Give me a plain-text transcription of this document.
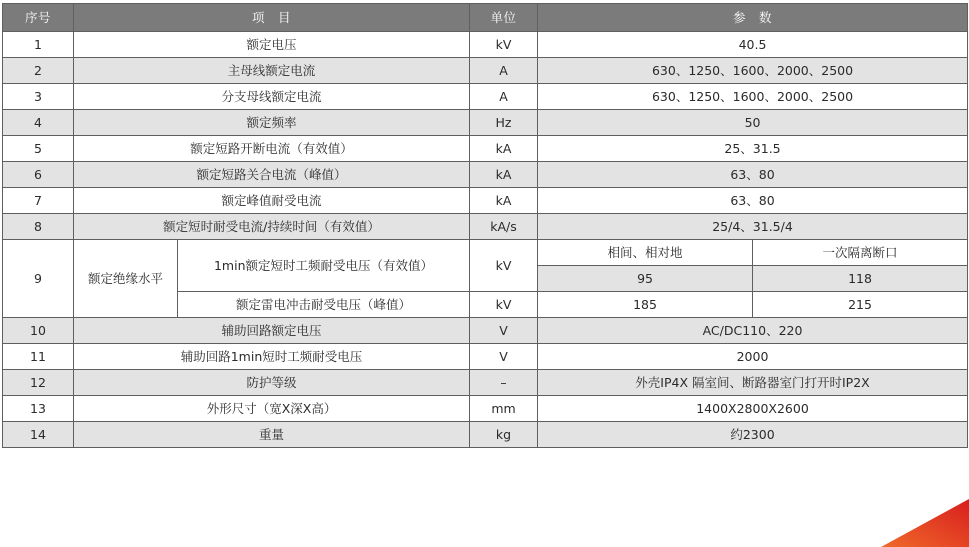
序号	项　目		单位	参　数	
1	额定电压		kV	40.5	
2	主母线额定电流		A	630、1250、1600、2000、2500	
3	分支母线额定电流		A	630、1250、1600、2000、2500	
4	额定频率		Hz	50	
5	额定短路开断电流（有效值）		kA	25、31.5	
6	额定短路关合电流（峰值）		kA	63、80	
7	额定峰值耐受电流		kA	63、80	
8	额定短时耐受电流/持续时间（有效值）		kA/s	25/4、31.5/4	
9	额定绝缘水平	1min额定短时工频耐受电压（有效值）	kV	相间、相对地	一次隔离断口
				95	118
		额定雷电冲击耐受电压（峰值）	kV	185	215
10	辅助回路额定电压		V	AC/DC110、220	
11	辅助回路1min短时工频耐受电压		V	2000	
12	防护等级		–	外壳IP4X 隔室间、断路器室门打开时IP2X	
13	外形尺寸（宽X深X高）		mm	1400X2800X2600	
14	重量		kg	约2300	
